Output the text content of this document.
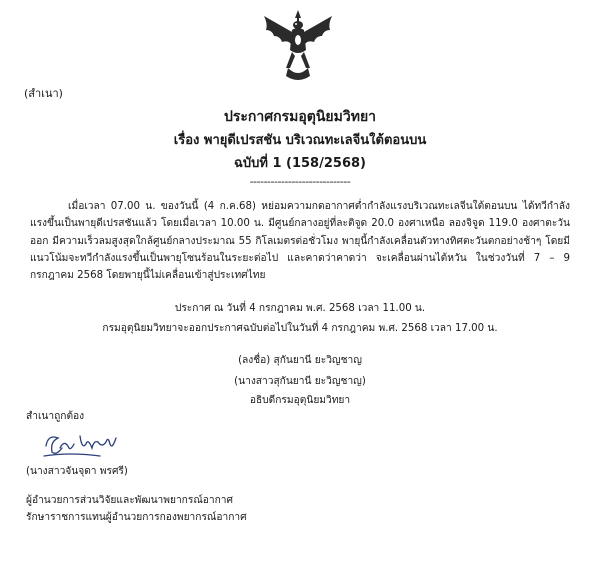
(สำเนา)
ประกาศกรมอุตุนิยมวิทยา
เรื่อง พายุดีเปรสชัน บริเวณทะเลจีนใต้ตอนบน
ฉบับที่ 1 (158/2568)
-----------------------------
เมื่อเวลา 07.00 น. ของวันนี้ (4 ก.ค.68) หย่อมความกดอากาศต่ำกำลังแรงบริเวณทะเลจีนใต้ตอนบน ได้ทวีกำลังแรงขึ้นเป็นพายุดีเปรสชันแล้ว โดยเมื่อเวลา 10.00 น. มีศูนย์กลางอยู่ที่ละติจูด 20.0 องศาเหนือ ลองจิจูด 119.0 องศาตะวันออก มีความเร็วลมสูงสุดใกล้ศูนย์กลางประมาณ 55 กิโลเมตรต่อชั่วโมง พายุนี้กำลังเคลื่อนตัวทางทิศตะวันตกอย่างช้าๆ โดยมีแนวโน้มจะทวีกำลังแรงขึ้นเป็นพายุโซนร้อนในระยะต่อไป และคาดว่าคาดว่า จะเคลื่อนผ่านไต้หวัน ในช่วงวันที่ 7 – 9 กรกฎาคม 2568 โดยพายุนี้ไม่เคลื่อนเข้าสู่ประเทศไทย
ประกาศ ณ วันที่ 4 กรกฎาคม พ.ศ. 2568 เวลา 11.00 น.
กรมอุตุนิยมวิทยาจะออกประกาศฉบับต่อไปในวันที่ 4 กรกฎาคม พ.ศ. 2568 เวลา 17.00 น.
(ลงชื่อ) สุกันยานี ยะวิญชาญ
(นางสาวสุกันยานี ยะวิญชาญ)
อธิบดีกรมอุตุนิยมวิทยา
สำเนาถูกต้อง
(นางสาวจันจุดา พรศรี)
ผู้อำนวยการส่วนวิจัยและพัฒนาพยากรณ์อากาศ
รักษาราชการแทนผู้อำนวยการกองพยากรณ์อากาศ
